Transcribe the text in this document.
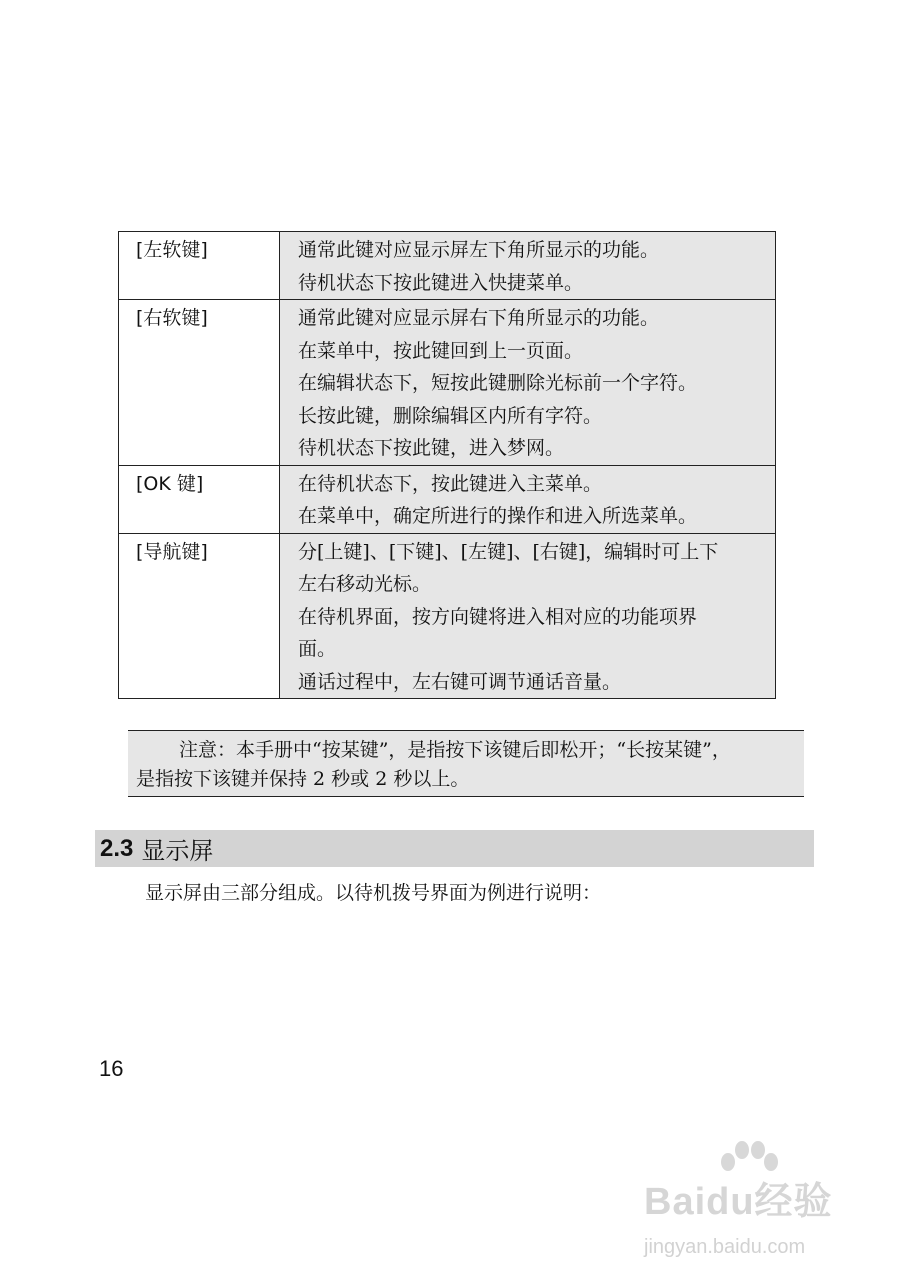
[左软键]	通常此键对应显示屏左下角所显示的功能。
待机状态下按此键进入快捷菜单。

[右软键]	通常此键对应显示屏右下角所显示的功能。
在菜单中，按此键回到上一页面。
在编辑状态下，短按此键删除光标前一个字符。
长按此键，删除编辑区内所有字符。
待机状态下按此键，进入梦网。

[OK 键]	在待机状态下，按此键进入主菜单。
在菜单中，确定所进行的操作和进入所选菜单。

[导航键]	分[上键]、[下键]、[左键]、[右键]，编辑时可上下
左右移动光标。
在待机界面，按方向键将进入相对应的功能项界
面。
通话过程中，左右键可调节通话音量。
注意：本手册中“按某键”，是指按下该键后即松开；“长按某键”，
是指按下该键并保持 2 秒或 2 秒以上。
2.3 显示屏
显示屏由三部分组成。以待机拨号界面为例进行说明：
16
Baidu经验
jingyan.baidu.com
